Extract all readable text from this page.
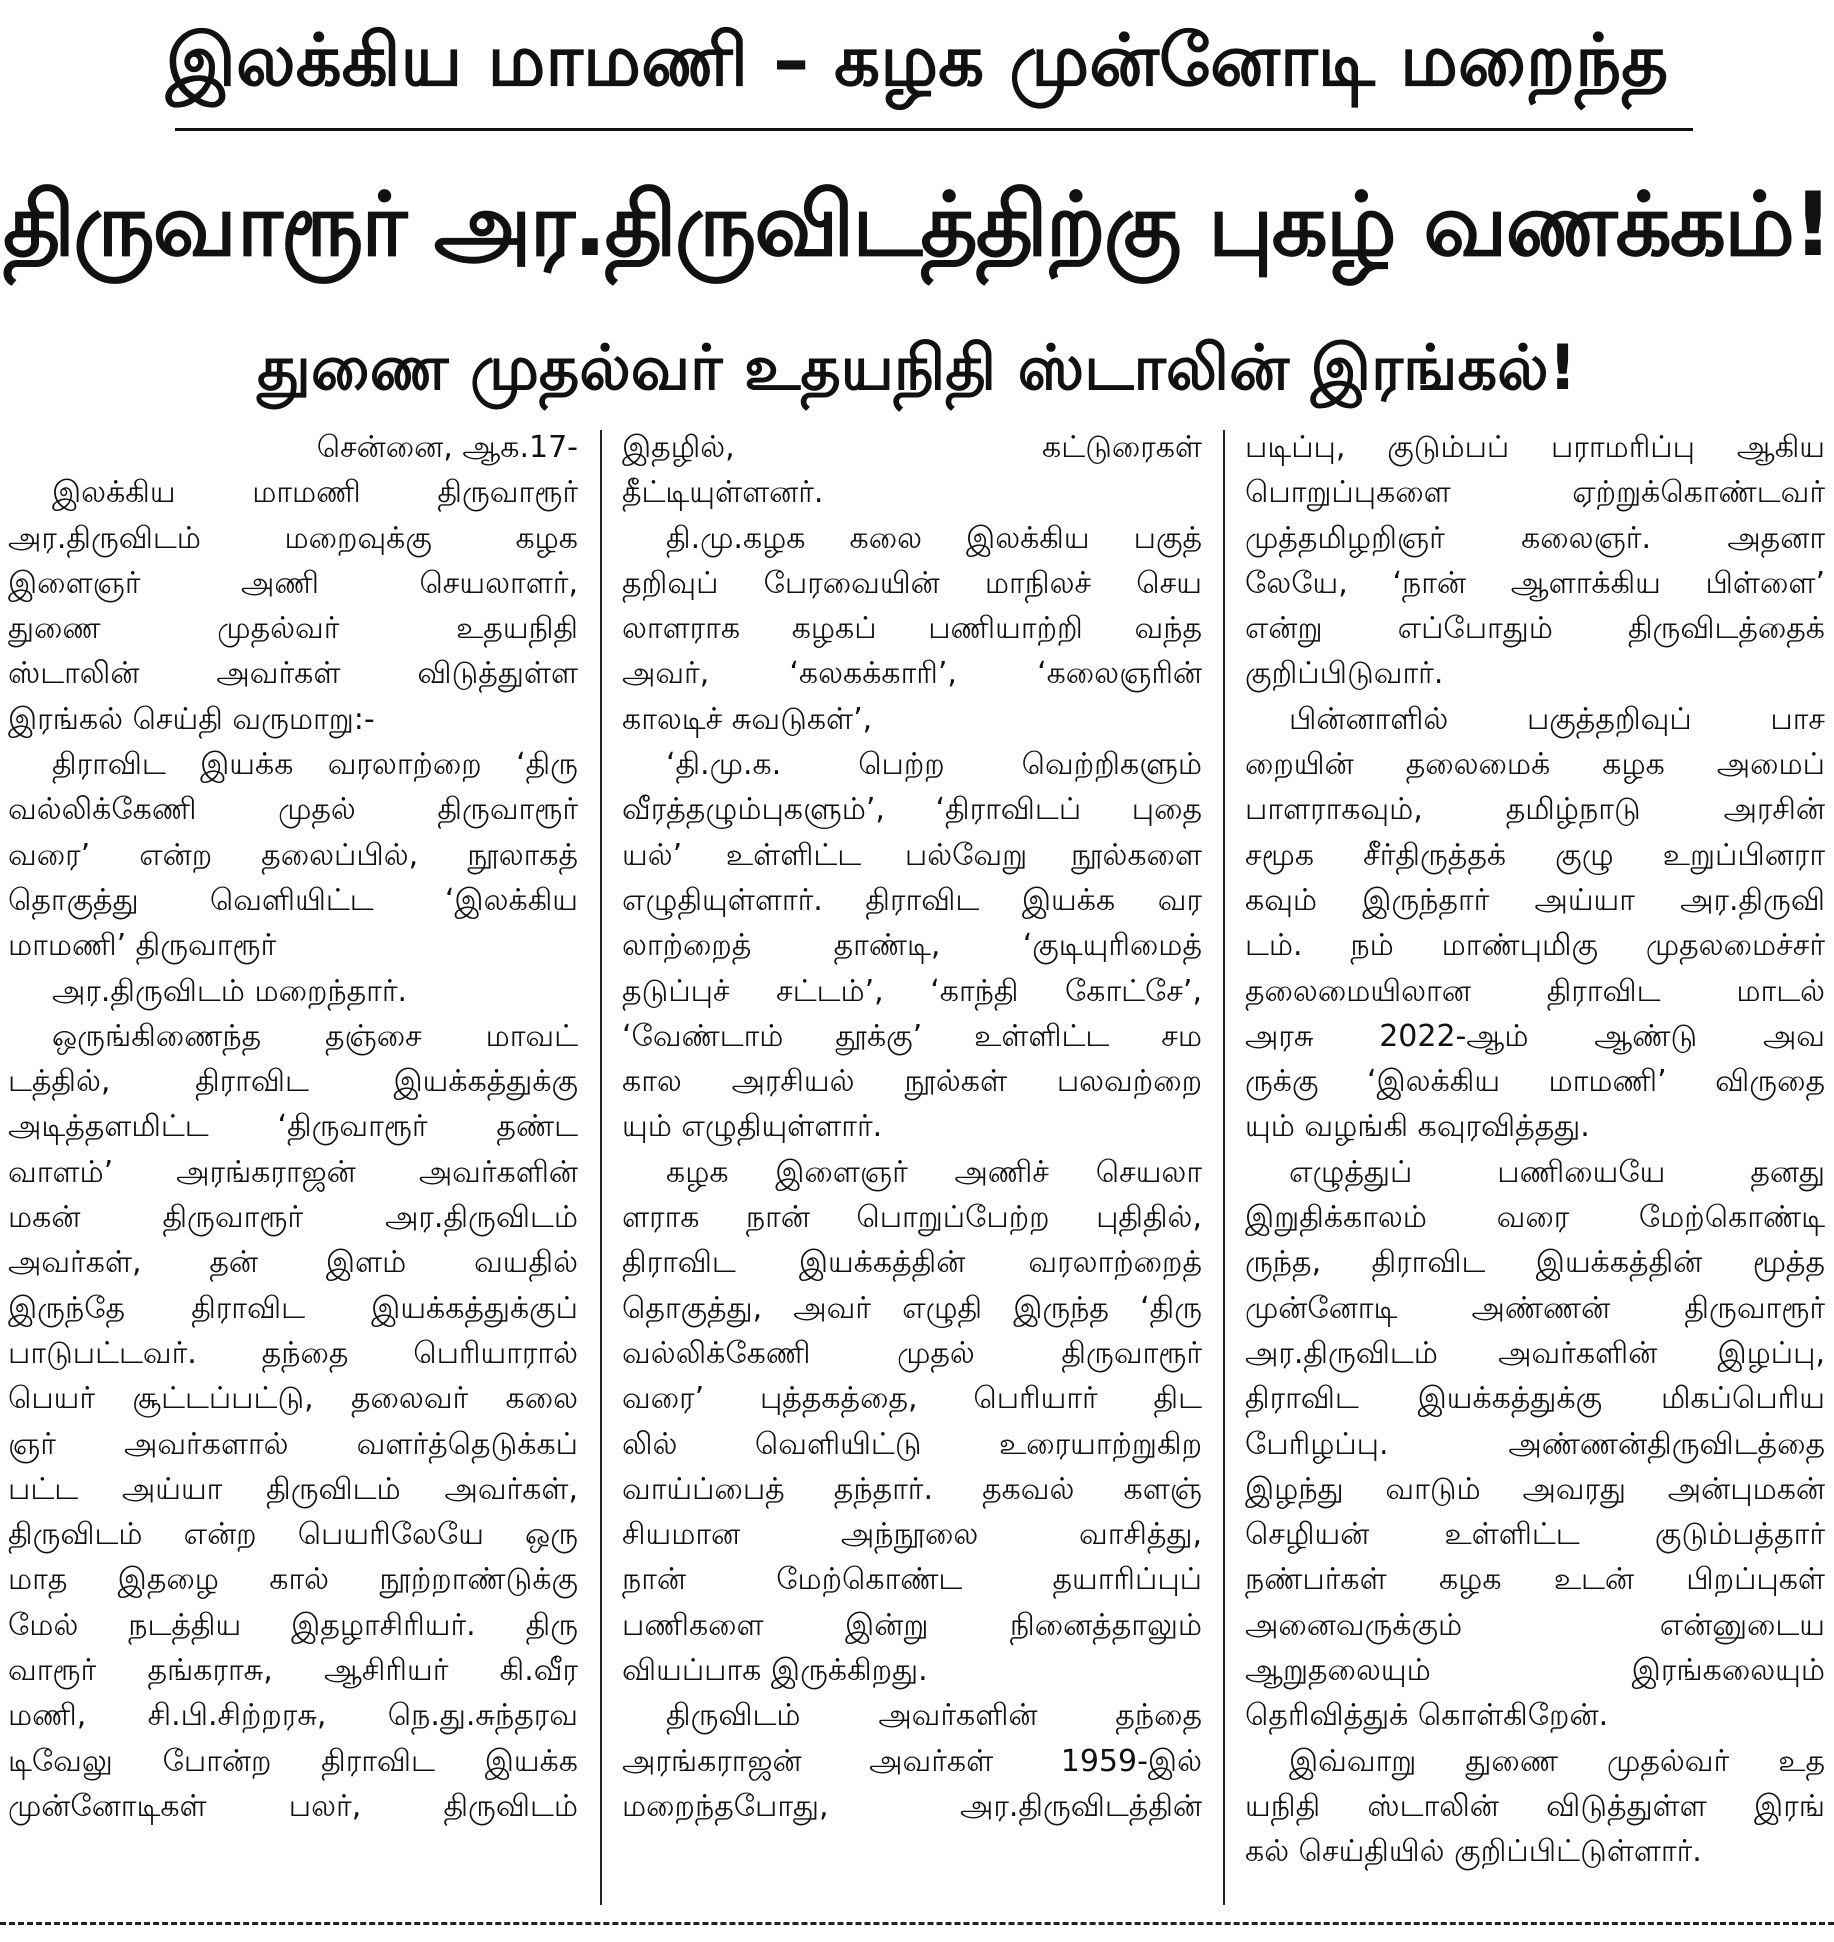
இலக்கிய மாமணி – கழக முன்னோடி மறைந்த
திருவாரூர் அர.திருவிடத்திற்கு புகழ் வணக்கம்!
துணை முதல்வர் உதயநிதி ஸ்டாலின் இரங்கல்!
சென்னை, ஆக.17-
இலக்கிய மாமணி திருவாரூர்
அர.திருவிடம் மறைவுக்கு கழக
இளைஞர் அணி செயலாளர்,
துணை முதல்வர் உதயநிதி
ஸ்டாலின் அவர்கள் விடுத்துள்ள
இரங்கல் செய்தி வருமாறு:-
திராவிட இயக்க வரலாற்றை ‘திரு
வல்லிக்கேணி முதல் திருவாரூர்
வரை’ என்ற தலைப்பில், நூலாகத்
தொகுத்து வெளியிட்ட ‘இலக்கிய
மாமணி’ திருவாரூர்
அர.திருவிடம் மறைந்தார்.
ஒருங்கிணைந்த தஞ்சை மாவட்
டத்தில், திராவிட இயக்கத்துக்கு
அடித்தளமிட்ட ‘திருவாரூர் தண்ட
வாளம்’ அரங்கராஜன் அவர்களின்
மகன் திருவாரூர் அர.திருவிடம்
அவர்கள், தன் இளம் வயதில்
இருந்தே திராவிட இயக்கத்துக்குப்
பாடுபட்டவர். தந்தை பெரியாரால்
பெயர் சூட்டப்பட்டு, தலைவர் கலை
ஞர் அவர்களால் வளர்த்தெடுக்கப்
பட்ட அய்யா திருவிடம் அவர்கள்,
திருவிடம் என்ற பெயரிலேயே ஒரு
மாத இதழை கால் நூற்றாண்டுக்கு
மேல் நடத்திய இதழாசிரியர். திரு
வாரூர் தங்கராசு, ஆசிரியர் கி.வீர
மணி, சி.பி.சிற்றரசு, நெ.து.சுந்தரவ
டிவேலு போன்ற திராவிட இயக்க
முன்னோடிகள் பலர், திருவிடம்
இதழில், கட்டுரைகள்
தீட்டியுள்ளனர்.
தி.மு.கழக கலை இலக்கிய பகுத்
தறிவுப் பேரவையின் மாநிலச் செய
லாளராக கழகப் பணியாற்றி வந்த
அவர், ‘கலகக்காரி’, ‘கலைஞரின்
காலடிச் சுவடுகள்’,
‘தி.மு.க. பெற்ற வெற்றிகளும்
வீரத்தழும்புகளும்’, ‘திராவிடப் புதை
யல்’ உள்ளிட்ட பல்வேறு நூல்களை
எழுதியுள்ளார். திராவிட இயக்க வர
லாற்றைத் தாண்டி, ‘குடியுரிமைத்
தடுப்புச் சட்டம்’, ‘காந்தி கோட்சே’,
‘வேண்டாம் தூக்கு’ உள்ளிட்ட சம
கால அரசியல் நூல்கள் பலவற்றை
யும் எழுதியுள்ளார்.
கழக இளைஞர் அணிச் செயலா
ளராக நான் பொறுப்பேற்ற புதிதில்,
திராவிட இயக்கத்தின் வரலாற்றைத்
தொகுத்து, அவர் எழுதி இருந்த ‘திரு
வல்லிக்கேணி முதல் திருவாரூர்
வரை’ புத்தகத்தை, பெரியார் திட
லில் வெளியிட்டு உரையாற்றுகிற
வாய்ப்பைத் தந்தார். தகவல் களஞ்
சியமான அந்நூலை வாசித்து,
நான் மேற்கொண்ட தயாரிப்புப்
பணிகளை இன்று நினைத்தாலும்
வியப்பாக இருக்கிறது.
திருவிடம் அவர்களின் தந்தை
அரங்கராஜன் அவர்கள் 1959-இல்
மறைந்தபோது, அர.திருவிடத்தின்
படிப்பு, குடும்பப் பராமரிப்பு ஆகிய
பொறுப்புகளை ஏற்றுக்கொண்டவர்
முத்தமிழறிஞர் கலைஞர். அதனா
லேயே, ‘நான் ஆளாக்கிய பிள்ளை’
என்று எப்போதும் திருவிடத்தைக்
குறிப்பிடுவார்.
பின்னாளில் பகுத்தறிவுப் பாச
றையின் தலைமைக் கழக அமைப்
பாளராகவும், தமிழ்நாடு அரசின்
சமூக சீர்திருத்தக் குழு உறுப்பினரா
கவும் இருந்தார் அய்யா அர.திருவி
டம். நம் மாண்புமிகு முதலமைச்சர்
தலைமையிலான திராவிட மாடல்
அரசு 2022-ஆம் ஆண்டு அவ
ருக்கு ‘இலக்கிய மாமணி’ விருதை
யும் வழங்கி கவுரவித்தது.
எழுத்துப் பணியையே தனது
இறுதிக்காலம் வரை மேற்கொண்டி
ருந்த, திராவிட இயக்கத்தின் மூத்த
முன்னோடி அண்ணன் திருவாரூர்
அர.திருவிடம் அவர்களின் இழப்பு,
திராவிட இயக்கத்துக்கு மிகப்பெரிய
பேரிழப்பு. அண்ணன்திருவிடத்தை
இழந்து வாடும் அவரது அன்புமகன்
செழியன் உள்ளிட்ட குடும்பத்தார்
நண்பர்கள் கழக உடன் பிறப்புகள்
அனைவருக்கும் என்னுடைய
ஆறுதலையும் இரங்கலையும்
தெரிவித்துக் கொள்கிறேன்.
இவ்வாறு துணை முதல்வர் உத
யநிதி ஸ்டாலின் விடுத்துள்ள இரங்
கல் செய்தியில் குறிப்பிட்டுள்ளார்.
